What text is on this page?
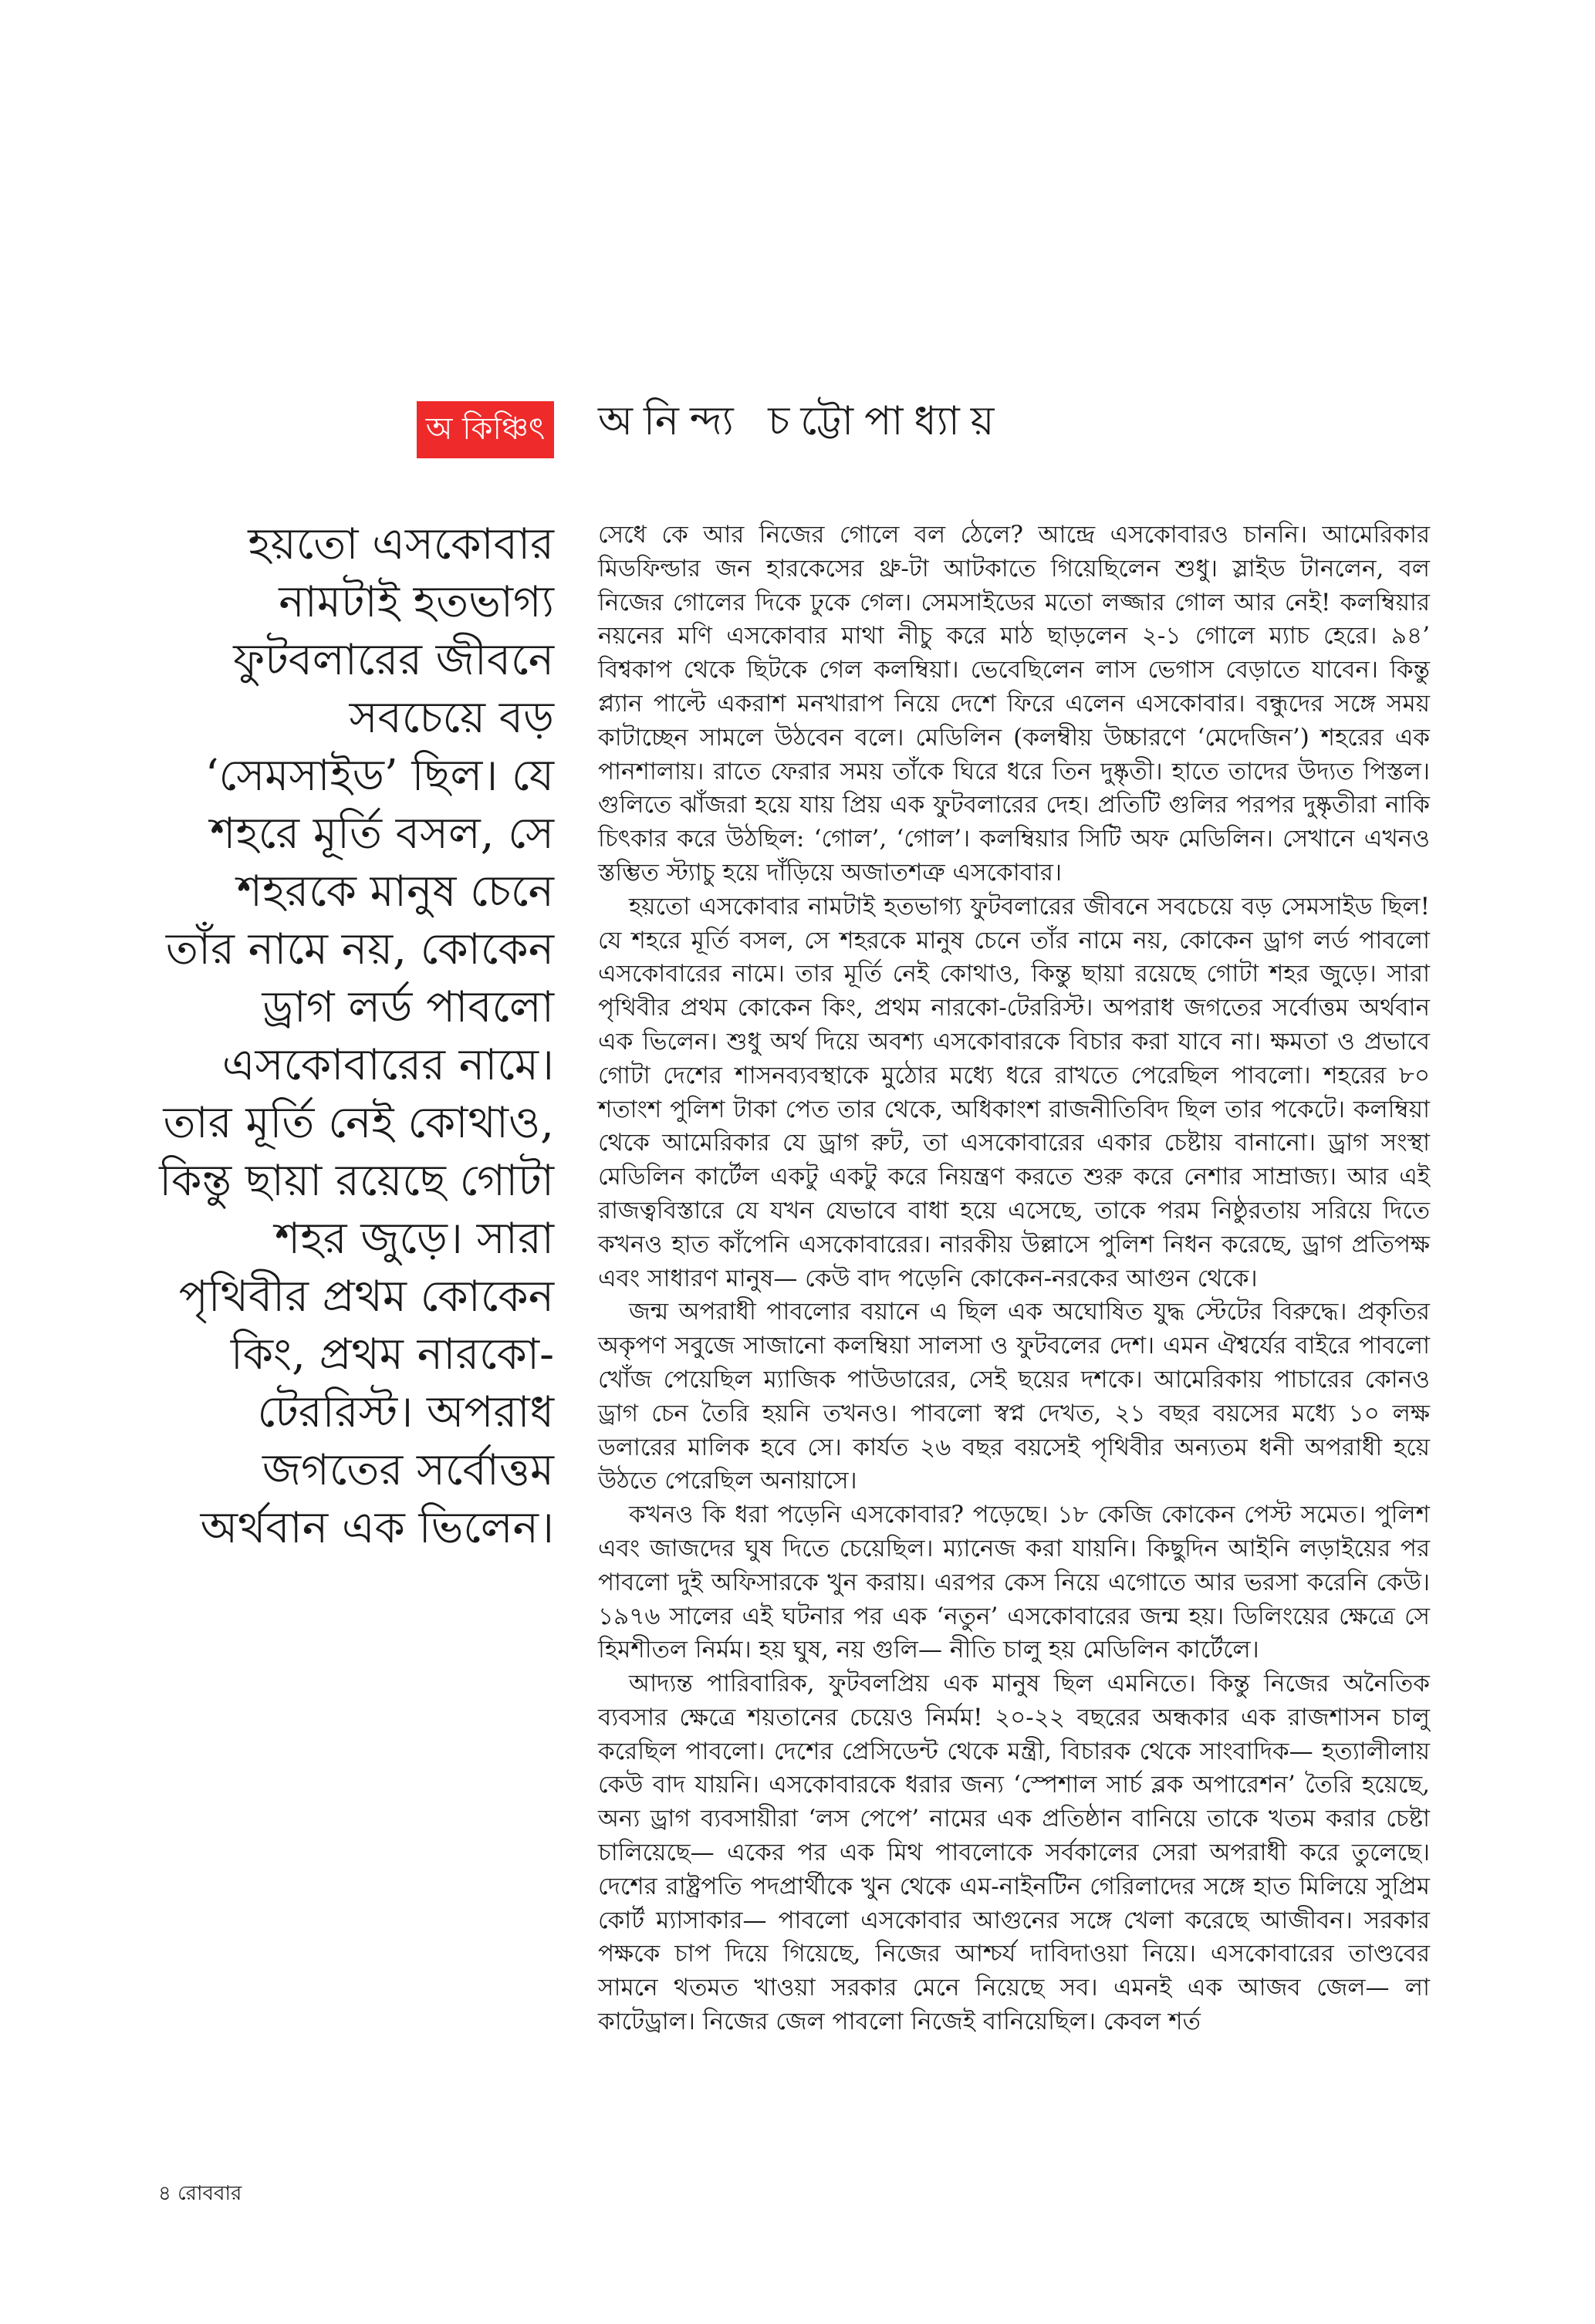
অ কিঞ্চিৎ অনিন্দ্য চট্টোপাধ্যায়
হয়তো এসকোবার
নামটাই হতভাগ্য
ফুটবলারের জীবনে
সবচেয়ে বড়
‘সেমসাইড’ ছিল। যে
শহরে মূর্তি বসল, সে
শহরকে মানুষ চেনে
তাঁর নামে নয়, কোকেন
ড্রাগ লর্ড পাবলো
এসকোবারের নামে।
তার মূর্তি নেই কোথাও,
কিন্তু ছায়া রয়েছে গোটা
শহর জুড়ে। সারা
পৃথিবীর প্রথম কোকেন
কিং, প্রথম নারকো-
টেররিস্ট। অপরাধ
জগতের সর্বোত্তম
অর্থবান এক ভিলেন।

সেধে কে আর নিজের গোলে বল ঠেলে? আন্দ্রে এসকোবারও চাননি। আমেরিকার মিডফিল্ডার জন হারকেসের থ্রু-টা আটকাতে গিয়েছিলেন শুধু। স্লাইড টানলেন, বল নিজের গোলের দিকে ঢুকে গেল। সেমসাইডের মতো লজ্জার গোল আর নেই! কলম্বিয়ার নয়নের মণি এসকোবার মাথা নীচু করে মাঠ ছাড়লেন ২-১ গোলে ম্যাচ হেরে। ৯৪’ বিশ্বকাপ থেকে ছিটকে গেল কলম্বিয়া। ভেবেছিলেন লাস ভেগাস বেড়াতে যাবেন। কিন্তু প্ল্যান পাল্টে একরাশ মনখারাপ নিয়ে দেশে ফিরে এলেন এসকোবার। বন্ধুদের সঙ্গে সময় কাটাচ্ছেন সামলে উঠবেন বলে। মেডিলিন (কলম্বীয় উচ্চারণে ‘মেদেজিন’) শহরের এক পানশালায়। রাতে ফেরার সময় তাঁকে ঘিরে ধরে তিন দুষ্কৃতী। হাতে তাদের উদ্যত পিস্তল। গুলিতে ঝাঁজরা হয়ে যায় প্রিয় এক ফুটবলারের দেহ। প্রতিটি গুলির পরপর দুষ্কৃতীরা নাকি চিৎকার করে উঠছিল: ‘গোল’, ‘গোল’। কলম্বিয়ার সিটি অফ মেডিলিন। সেখানে এখনও স্তম্ভিত স্ট্যাচু হয়ে দাঁড়িয়ে অজাতশত্রু এসকোবার।

হয়তো এসকোবার নামটাই হতভাগ্য ফুটবলারের জীবনে সবচেয়ে বড় সেমসাইড ছিল! যে শহরে মূর্তি বসল, সে শহরকে মানুষ চেনে তাঁর নামে নয়, কোকেন ড্রাগ লর্ড পাবলো এসকোবারের নামে। তার মূর্তি নেই কোথাও, কিন্তু ছায়া রয়েছে গোটা শহর জুড়ে। সারা পৃথিবীর প্রথম কোকেন কিং, প্রথম নারকো-টেররিস্ট। অপরাধ জগতের সর্বোত্তম অর্থবান এক ভিলেন। শুধু অর্থ দিয়ে অবশ্য এসকোবারকে বিচার করা যাবে না। ক্ষমতা ও প্রভাবে গোটা দেশের শাসনব্যবস্থাকে মুঠোর মধ্যে ধরে রাখতে পেরেছিল পাবলো। শহরের ৮০ শতাংশ পুলিশ টাকা পেত তার থেকে, অধিকাংশ রাজনীতিবিদ ছিল তার পকেটে। কলম্বিয়া থেকে আমেরিকার যে ড্রাগ রুট, তা এসকোবারের একার চেষ্টায় বানানো। ড্রাগ সংস্থা মেডিলিন কার্টেল একটু একটু করে নিয়ন্ত্রণ করতে শুরু করে নেশার সাম্রাজ্য। আর এই রাজত্ববিস্তারে যে যখন যেভাবে বাধা হয়ে এসেছে, তাকে পরম নিষ্ঠুরতায় সরিয়ে দিতে কখনও হাত কাঁপেনি এসকোবারের। নারকীয় উল্লাসে পুলিশ নিধন করেছে, ড্রাগ প্রতিপক্ষ এবং সাধারণ মানুষ— কেউ বাদ পড়েনি কোকেন-নরকের আগুন থেকে।

জন্ম অপরাধী পাবলোর বয়ানে এ ছিল এক অঘোষিত যুদ্ধ স্টেটের বিরুদ্ধে। প্রকৃতির অকৃপণ সবুজে সাজানো কলম্বিয়া সালসা ও ফুটবলের দেশ। এমন ঐশ্বর্যের বাইরে পাবলো খোঁজ পেয়েছিল ম্যাজিক পাউডারের, সেই ছয়ের দশকে। আমেরিকায় পাচারের কোনও ড্রাগ চেন তৈরি হয়নি তখনও। পাবলো স্বপ্ন দেখত, ২১ বছর বয়সের মধ্যে ১০ লক্ষ ডলারের মালিক হবে সে। কার্যত ২৬ বছর বয়সেই পৃথিবীর অন্যতম ধনী অপরাধী হয়ে উঠতে পেরেছিল অনায়াসে।

কখনও কি ধরা পড়েনি এসকোবার? পড়েছে। ১৮ কেজি কোকেন পেস্ট সমেত। পুলিশ এবং জাজদের ঘুষ দিতে চেয়েছিল। ম্যানেজ করা যায়নি। কিছুদিন আইনি লড়াইয়ের পর পাবলো দুই অফিসারকে খুন করায়। এরপর কেস নিয়ে এগোতে আর ভরসা করেনি কেউ। ১৯৭৬ সালের এই ঘটনার পর এক ‘নতুন’ এসকোবারের জন্ম হয়। ডিলিংয়ের ক্ষেত্রে সে হিমশীতল নির্মম। হয় ঘুষ, নয় গুলি— নীতি চালু হয় মেডিলিন কার্টেলে।

আদ্যন্ত পারিবারিক, ফুটবলপ্রিয় এক মানুষ ছিল এমনিতে। কিন্তু নিজের অনৈতিক ব্যবসার ক্ষেত্রে শয়তানের চেয়েও নির্মম! ২০-২২ বছরের অন্ধকার এক রাজশাসন চালু করেছিল পাবলো। দেশের প্রেসিডেন্ট থেকে মন্ত্রী, বিচারক থেকে সাংবাদিক— হত্যালীলায় কেউ বাদ যায়নি। এসকোবারকে ধরার জন্য ‘স্পেশাল সার্চ ব্লক অপারেশন’ তৈরি হয়েছে, অন্য ড্রাগ ব্যবসায়ীরা ‘লস পেপে’ নামের এক প্রতিষ্ঠান বানিয়ে তাকে খতম করার চেষ্টা চালিয়েছে— একের পর এক মিথ পাবলোকে সর্বকালের সেরা অপরাধী করে তুলেছে। দেশের রাষ্ট্রপতি পদপ্রার্থীকে খুন থেকে এম-নাইনটিন গেরিলাদের সঙ্গে হাত মিলিয়ে সুপ্রিম কোর্ট ম্যাসাকার— পাবলো এসকোবার আগুনের সঙ্গে খেলা করেছে আজীবন। সরকার পক্ষকে চাপ দিয়ে গিয়েছে, নিজের আশ্চর্য দাবিদাওয়া নিয়ে। এসকোবারের তাণ্ডবের সামনে থতমত খাওয়া সরকার মেনে নিয়েছে সব। এমনই এক আজব জেল— লা কাটেড্রাল। নিজের জেল পাবলো নিজেই বানিয়েছিল। কেবল শর্ত

৪ রোববার
